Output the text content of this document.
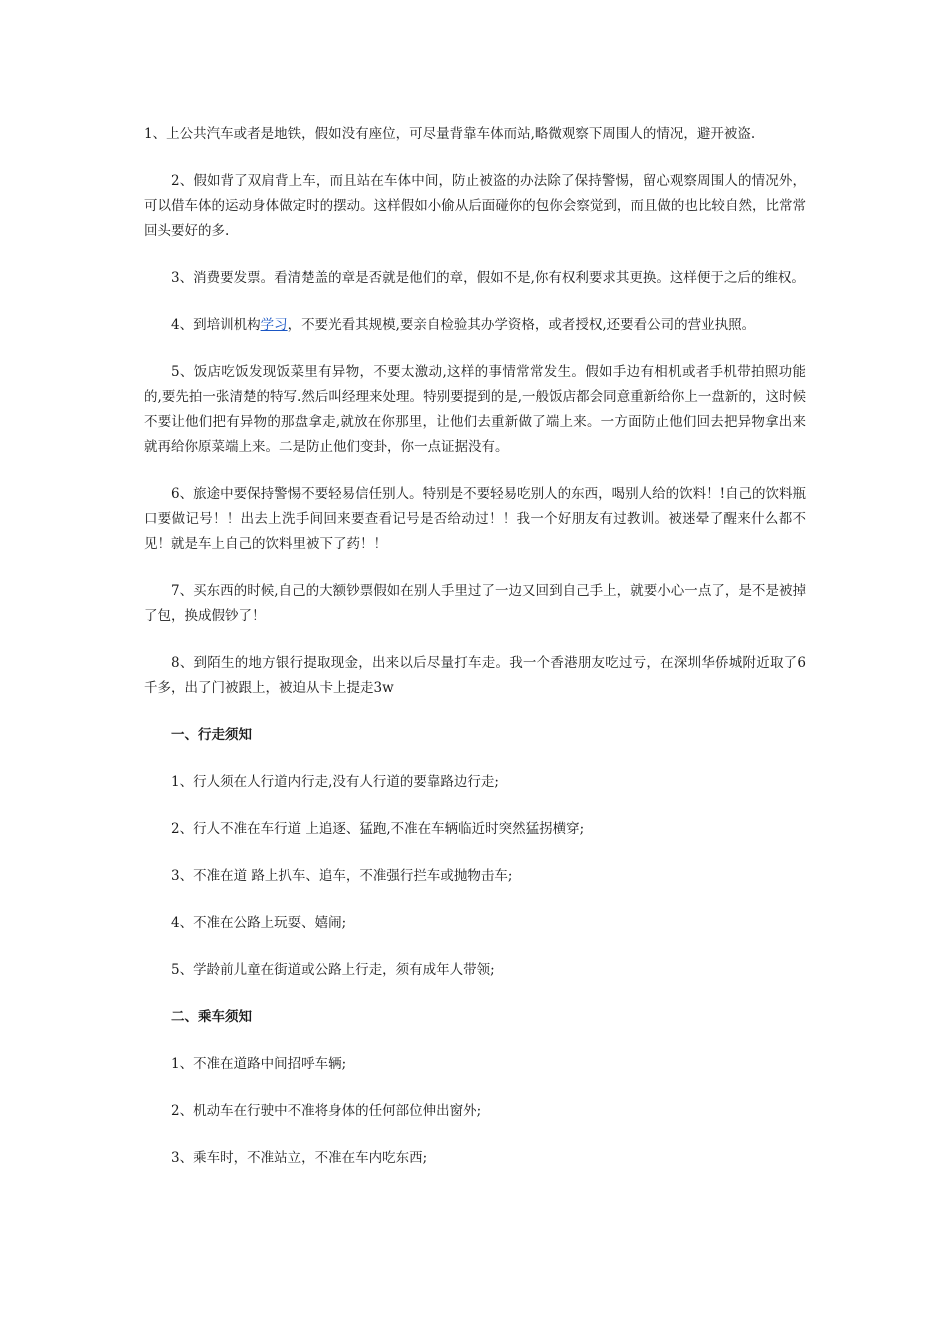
1、上公共汽车或者是地铁，假如没有座位，可尽量背靠车体而站,略微观察下周围人的情况，避开被盗.

2、假如背了双肩背上车，而且站在车体中间，防止被盗的办法除了保持警惕，留心观察周围人的情况外，可以借车体的运动身体做定时的摆动。这样假如小偷从后面碰你的包你会察觉到，而且做的也比较自然，比常常回头要好的多.

3、消费要发票。看清楚盖的章是否就是他们的章，假如不是,你有权利要求其更换。这样便于之后的维权。

4、到培训机构学习，不要光看其规模,要亲自检验其办学资格，或者授权,还要看公司的营业执照。

5、饭店吃饭发现饭菜里有异物，不要太激动,这样的事情常常发生。假如手边有相机或者手机带拍照功能的,要先拍一张清楚的特写.然后叫经理来处理。特别要提到的是,一般饭店都会同意重新给你上一盘新的，这时候不要让他们把有异物的那盘拿走,就放在你那里，让他们去重新做了端上来。一方面防止他们回去把异物拿出来就再给你原菜端上来。二是防止他们变卦，你一点证据没有。

6、旅途中要保持警惕不要轻易信任别人。特别是不要轻易吃别人的东西，喝别人给的饮料！!自己的饮料瓶口要做记号！！出去上洗手间回来要查看记号是否给动过！！我一个好朋友有过教训。被迷晕了醒来什么都不见！就是车上自己的饮料里被下了药！！

7、买东西的时候,自己的大额钞票假如在别人手里过了一边又回到自己手上，就要小心一点了，是不是被掉了包，换成假钞了！

8、到陌生的地方银行提取现金，出来以后尽量打车走。我一个香港朋友吃过亏，在深圳华侨城附近取了6千多，出了门被跟上，被迫从卡上提走3w

一、行走须知

1、行人须在人行道内行走,没有人行道的要靠路边行走;

2、行人不准在车行道 上追逐、猛跑,不准在车辆临近时突然猛拐横穿;

3、不准在道 路上扒车、追车，不准强行拦车或抛物击车;

4、不准在公路上玩耍、嬉闹;

5、学龄前儿童在街道或公路上行走，须有成年人带领;

二、乘车须知

1、不准在道路中间招呼车辆;

2、机动车在行驶中不准将身体的任何部位伸出窗外;

3、乘车时，不准站立，不准在车内吃东西;
